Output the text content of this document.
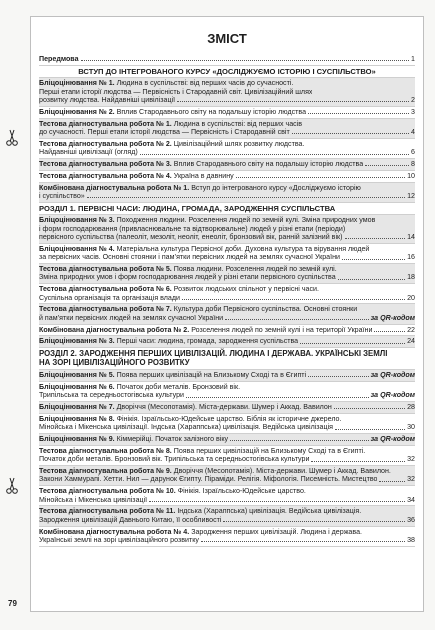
ЗМІСТ
Передмова	1
ВСТУП ДО ІНТЕГРОВАНОГО КУРСУ «ДОСЛІДЖУЄМО ІСТОРІЮ І СУСПІЛЬСТВО»
Бліцоцінювання № 1. Людина в суспільстві: від перших часів до сучасності.
Перші етапи історії людства — Первісність і Стародавній світ. Цивілізаційний шлях
розвитку людства. Найдавніші цивілізації	2
Бліцоцінювання № 2. Вплив Стародавнього світу на подальшу історію людства	3
Тестова діагностувальна робота № 1. Людина в суспільстві: від перших часів
до сучасності. Перші етапи історії людства — Первісність і Стародавній світ	4
Тестова діагностувальна робота № 2. Цивілізаційний шлях розвитку людства.
Найдавніші цивілізації (огляд)	6
Тестова діагностувальна робота № 3. Вплив Стародавнього світу на подальшу історію людства	8
Тестова діагностувальна робота № 4. Україна в давнину	10
Комбінована діагностувальна робота № 1. Вступ до інтегрованого курсу «Досліджуємо історію
і суспільство»	12
РОЗДІЛ 1. ПЕРВІСНІ ЧАСИ: ЛЮДИНА, ГРОМАДА, ЗАРОДЖЕННЯ СУСПІЛЬСТВА
Бліцоцінювання № 3. Походження людини. Розселення людей по земній кулі. Зміна природних умов
і форм господарювання (привласнювальне та відтворювальне) людей у різні етапи (періоди)
первісного суспільства (палеоліт, мезоліт, неоліт, енеоліт, бронзовий вік, ранній залізний вік)	14
Бліцоцінювання № 4. Матеріальна культура Первісної доби. Духовна культура та вірування людей
за первісних часів. Основні стоянки і пам’ятки первісних людей на землях сучасної України	16
Тестова діагностувальна робота № 5. Поява людини. Розселення людей по земній кулі.
Зміна природних умов і форм господарювання людей у різні етапи первісного суспільства	18
Тестова діагностувальна робота № 6. Розвиток людських спільнот у первісні часи.
Суспільна організація та організація влади	20
Тестова діагностувальна робота № 7. Культура доби Первісного суспільства. Основні стоянки
й пам’ятки первісних людей на землях сучасної України	за QR-кодом
Комбінована діагностувальна робота № 2. Розселення людей по земній кулі і на території України	22
Бліцоцінювання № 3. Перші часи: людина, громада, зародження суспільства	24
РОЗДІЛ 2. ЗАРОДЖЕННЯ ПЕРШИХ ЦИВІЛІЗАЦІЙ. ЛЮДИНА І ДЕРЖАВА. УКРАЇНСЬКІ ЗЕМЛІ
НА ЗОРІ ЦИВІЛІЗАЦІЙНОГО РОЗВИТКУ
Бліцоцінювання № 5. Поява перших цивілізацій на Близькому Сході та в Єгипті	за QR-кодом
Бліцоцінювання № 6. Початок доби металів. Бронзовий вік.
Трипільська та середньостогівська культури	за QR-кодом
Бліцоцінювання № 7. Дворіччя (Месопотамія). Міста-держави. Шумер і Аккад. Вавилон	28
Бліцоцінювання № 8. Фінікія. Ізраїльсько-Юдейське царство. Біблія як історичне джерело.
Мінойська і Мікенська цивілізації. Індська (Хараппська) цивілізація. Ведійська цивілізація	30
Бліцоцінювання № 9. Кіммерійці. Початок залізного віку	за QR-кодом
Тестова діагностувальна робота № 8. Поява перших цивілізацій на Близькому Сході та в Єгипті.
Початок доби металів. Бронзовий вік. Трипільська та середньостогівська культури	32
Тестова діагностувальна робота № 9. Дворіччя (Месопотамія). Міста-держави. Шумер і Аккад. Вавилон.
Закони Хаммурапі. Хетти. Нил — дарунок Єгипту. Піраміди. Релігія. Міфологія. Писемність. Мистецтво	32
Тестова діагностувальна робота № 10. Фінікія. Ізраїльсько-Юдейське царство.
Мінойська і Мікенська цивілізації	34
Тестова діагностувальна робота № 11. Індська (Хараппська) цивілізація. Ведійська цивілізація.
Зародження цивілізацій Давнього Китаю, її особливості	36
Комбінована діагностувальна робота № 4. Зародження перших цивілізацій. Людина і держава.
Українські землі на зорі цивілізаційного розвитку	38
79
